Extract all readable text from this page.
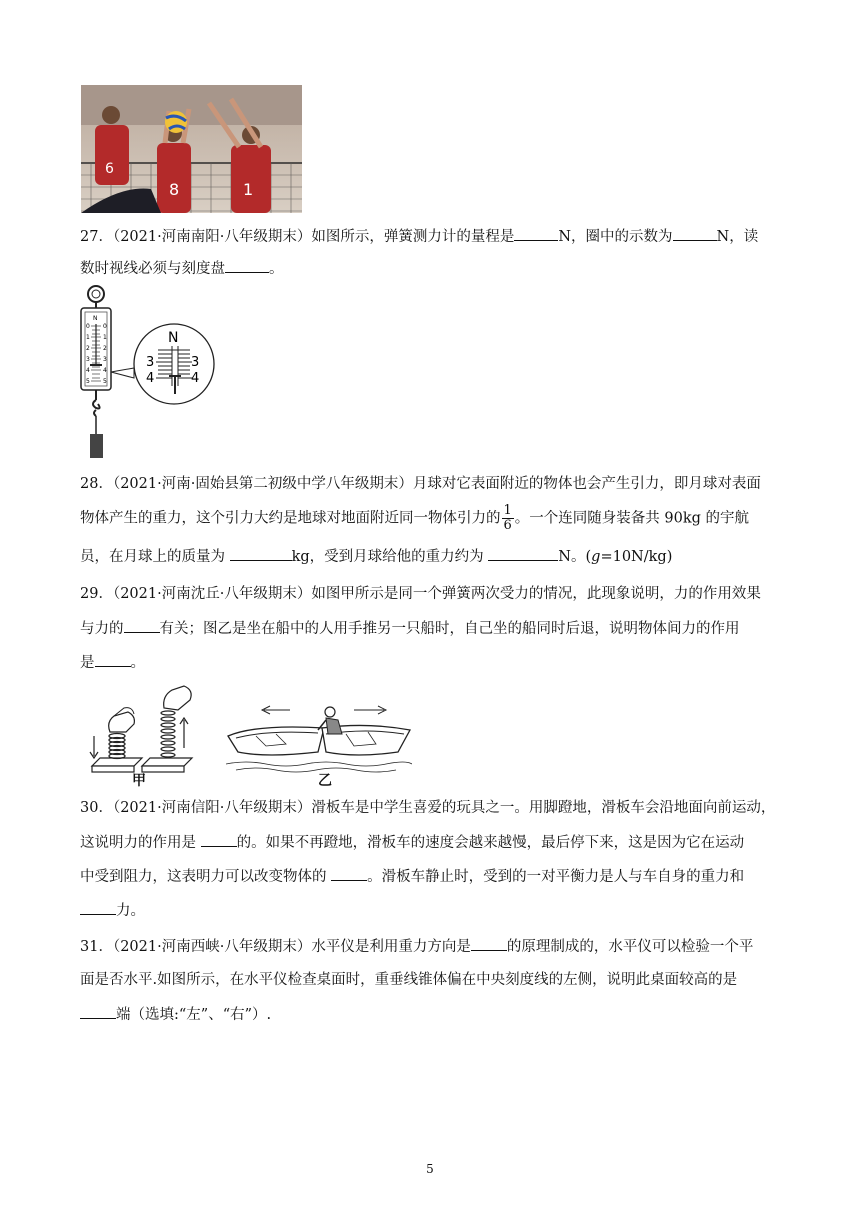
6
8	1
27．（2021·河南南阳·八年级期末）如图所示，弹簧测力计的量程是	N，圈中的示数为	N，读
数时视线必须与刻度盘	。
N
0
1
2
3
4
5
0
1
2
3
4
5
N
3
4
3
4
28．（2021·河南·固始县第二初级中学八年级期末）月球对它表面附近的物体也会产生引力，即月球对表面
物体产生的重力，这个引力大约是地球对地面附近同一物体引力的 $\frac{1}{6}$ 。一个连同随身装备共 90kg 的宇航
员，在月球上的质量为	kg，受到月球给他的重力约为	N。(g=10N/kg)
29．（2021·河南沈丘·八年级期末）如图甲所示是同一个弹簧两次受力的情况，此现象说明，力的作用效果
与力的 有关；图乙是坐在船中的人用手推另一只船时，自己坐的船同时后退，说明物体间力的作用
是 。
甲	乙
30．（2021·河南信阳·八年级期末）滑板车是中学生喜爱的玩具之一。用脚蹬地，滑板车会沿地面向前运动，
这说明力的作用是	的。如果不再蹬地，滑板车的速度会越来越慢，最后停下来，这是因为它在运动
中受到阻力，这表明力可以改变物体的	。滑板车静止时，受到的一对平衡力是人与车自身的重力和
力。
31．（2021·河南西峡·八年级期末）水平仪是利用重力方向是 的原理制成的，水平仪可以检验一个平
面是否水平.如图所示，在水平仪检查桌面时，重垂线锥体偏在中央刻度线的左侧，说明此桌面较高的是
端（选填:“左”、“右”）.
5
